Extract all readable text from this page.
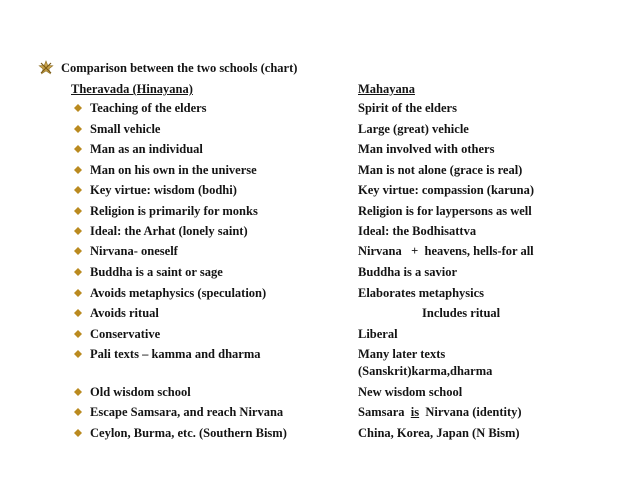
Comparison between the two schools (chart)
Theravada (Hinayana)	Mahayana
Teaching of the elders	Spirit of the elders
Small vehicle	Large (great) vehicle
Man as an individual	Man involved with others
Man on his own in the universe	Man is not alone (grace is real)
Key virtue: wisdom (bodhi)	Key virtue: compassion (karuna)
Religion is primarily for monks	Religion is for laypersons as well
Ideal: the Arhat (lonely saint)	Ideal: the Bodhisattva
Nirvana- oneself	Nirvana   +  heavens, hells-for all
Buddha is a saint or sage	Buddha is a savior
Avoids metaphysics (speculation)	Elaborates metaphysics
Avoids ritual	Includes ritual
Conservative	Liberal
Pali texts – kamma and dharma	Many later texts
(Sanskrit)karma,dharma
Old wisdom school	New wisdom school
Escape Samsara, and reach Nirvana	Samsara is Nirvana (identity)
Ceylon, Burma, etc. (Southern Bism)	China, Korea, Japan (N Bism)
